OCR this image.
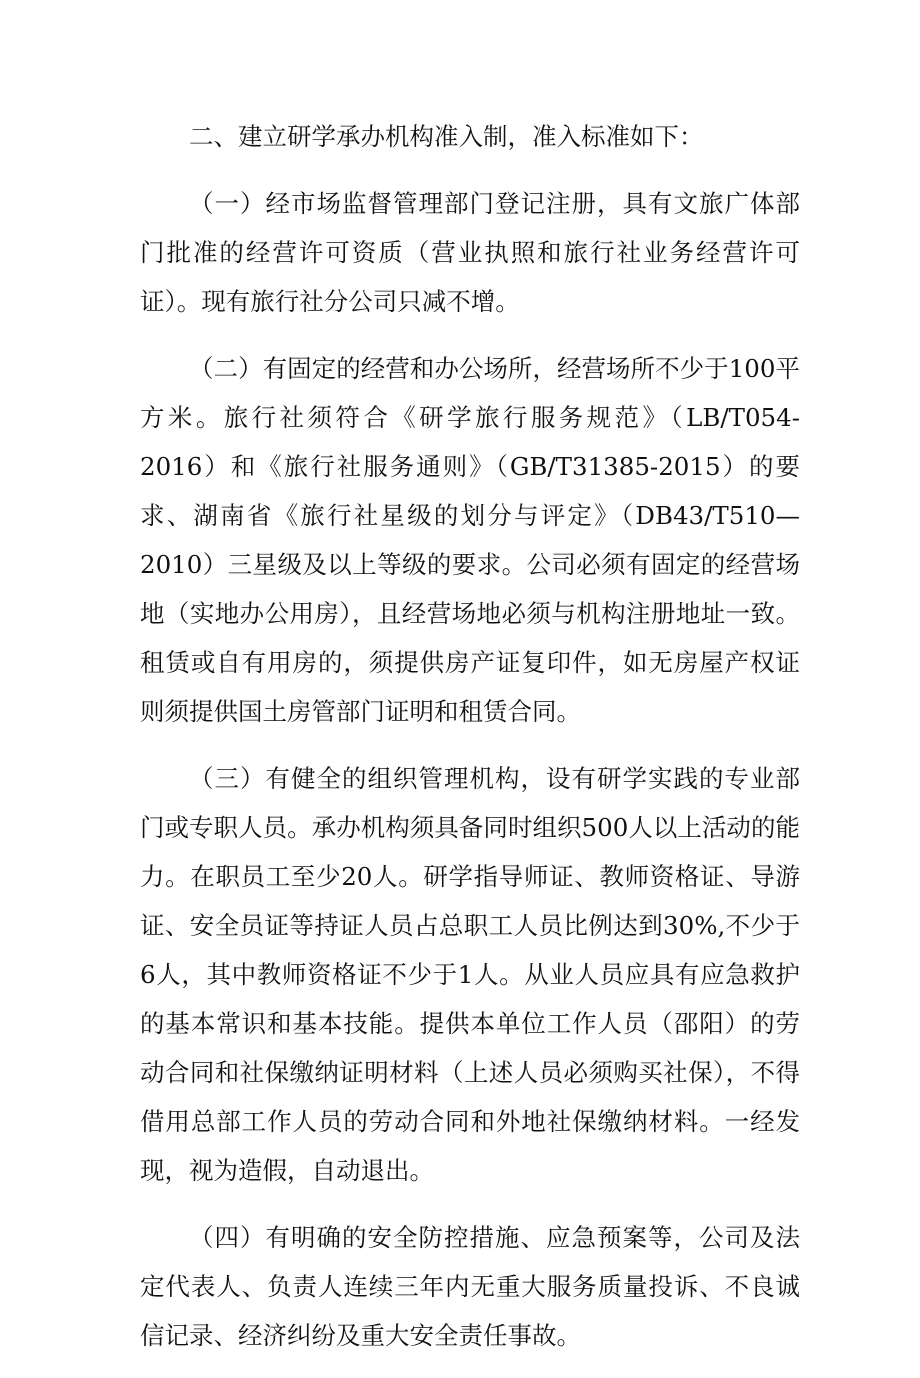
二、建立研学承办机构准入制，准入标准如下：

（一）经市场监督管理部门登记注册，具有文旅广体部门批准的经营许可资质（营业执照和旅行社业务经营许可证）。现有旅行社分公司只减不增。

（二）有固定的经营和办公场所，经营场所不少于100平方米。旅行社须符合《研学旅行服务规范》（LB/T054-2016）和《旅行社服务通则》（GB/T31385-2015）的要求、湖南省《旅行社星级的划分与评定》（DB43/T510—2010）三星级及以上等级的要求。公司必须有固定的经营场地（实地办公用房），且经营场地必须与机构注册地址一致。租赁或自有用房的，须提供房产证复印件，如无房屋产权证则须提供国土房管部门证明和租赁合同。

（三）有健全的组织管理机构，设有研学实践的专业部门或专职人员。承办机构须具备同时组织500人以上活动的能力。在职员工至少20人。研学指导师证、教师资格证、导游证、安全员证等持证人员占总职工人员比例达到30%,不少于6人，其中教师资格证不少于1人。从业人员应具有应急救护的基本常识和基本技能。提供本单位工作人员（邵阳）的劳动合同和社保缴纳证明材料（上述人员必须购买社保），不得借用总部工作人员的劳动合同和外地社保缴纳材料。一经发现，视为造假，自动退出。

（四）有明确的安全防控措施、应急预案等，公司及法定代表人、负责人连续三年内无重大服务质量投诉、不良诚信记录、经济纠纷及重大安全责任事故。
